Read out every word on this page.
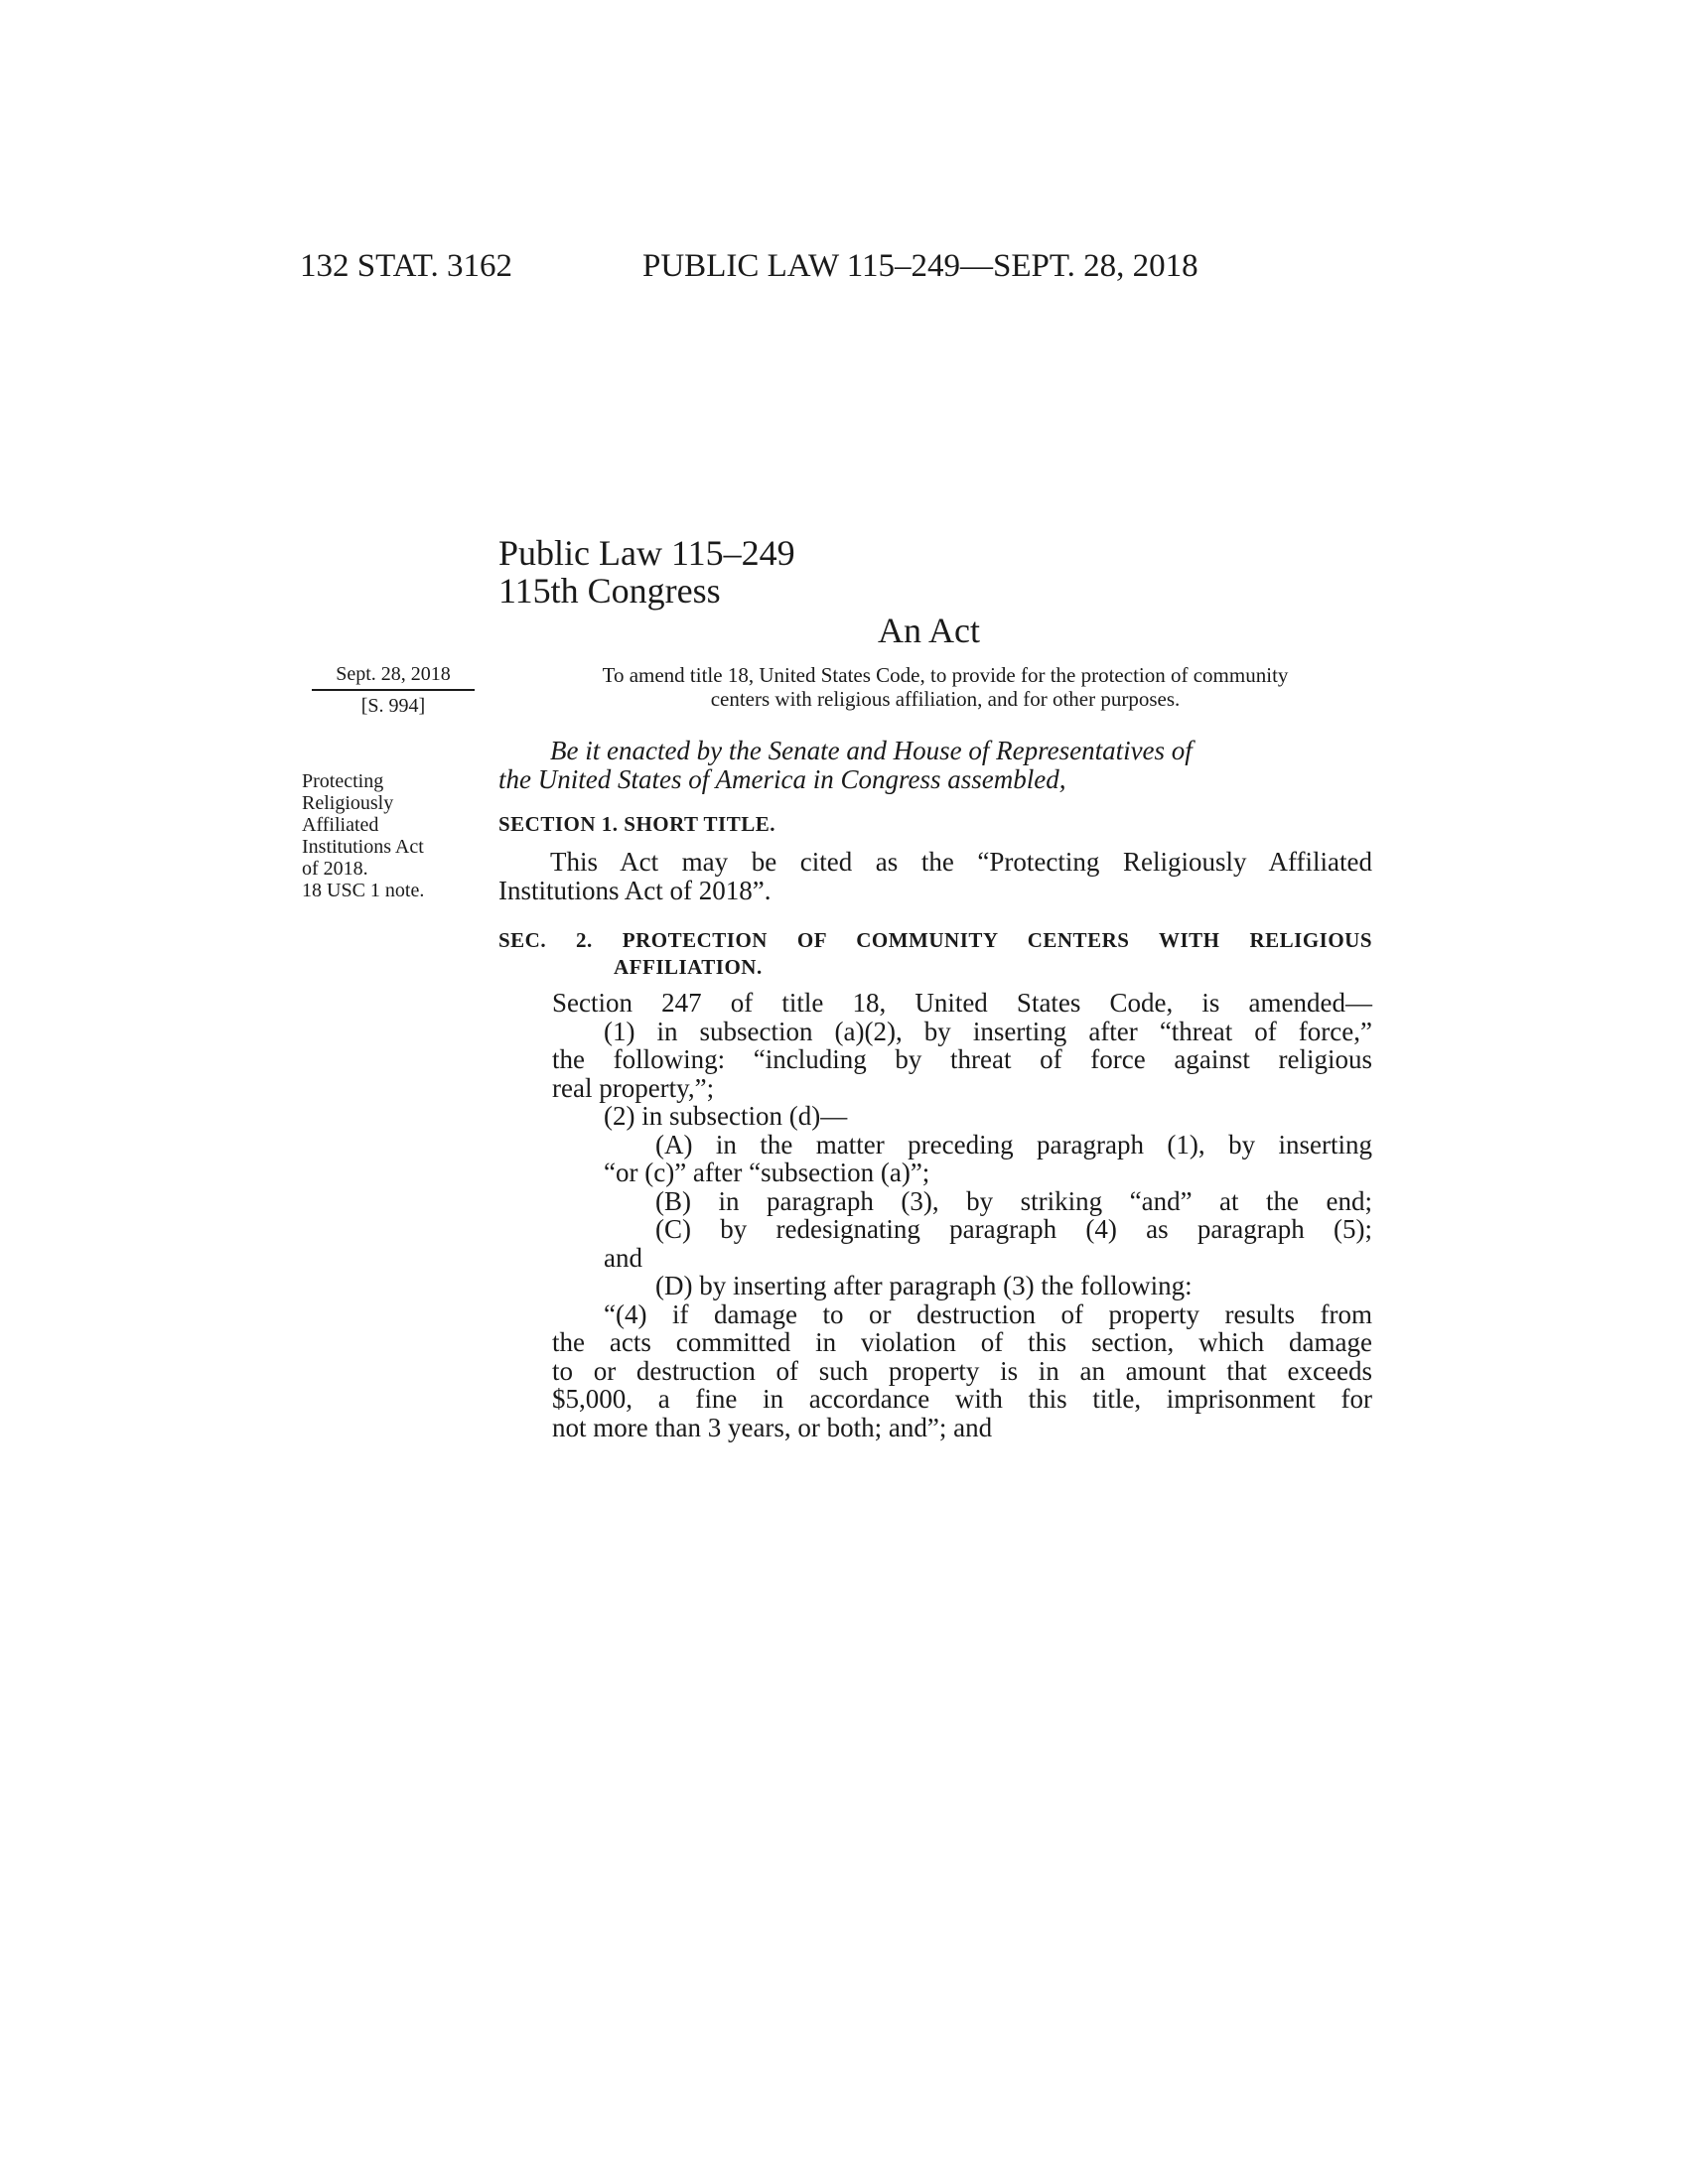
132 STAT. 3162	PUBLIC LAW 115–249—SEPT. 28, 2018
Public Law 115–249
115th Congress
An Act
Sept. 28, 2018
[S. 994]
Protecting
Religiously
Affiliated
Institutions Act
of 2018.
18 USC 1 note.
To amend title 18, United States Code, to provide for the protection of community
centers with religious affiliation, and for other purposes.
Be it enacted by the Senate and House of Representatives of
the United States of America in Congress assembled,
SECTION 1. SHORT TITLE.

This Act may be cited as the “Protecting Religiously Affiliated

Institutions Act of 2018”.

SEC. 2. PROTECTION OF COMMUNITY CENTERS WITH RELIGIOUS
AFFILIATION.

Section 247 of title 18, United States Code, is amended—

(1) in subsection (a)(2), by inserting after “threat of force,”

the following: “including by threat of force against religious

real property,”;

(2) in subsection (d)—

(A) in the matter preceding paragraph (1), by inserting

“or (c)” after “subsection (a)”;

(B) in paragraph (3), by striking “and” at the end;

(C) by redesignating paragraph (4) as paragraph (5);

and

(D) by inserting after paragraph (3) the following:

“(4) if damage to or destruction of property results from

the acts committed in violation of this section, which damage

to or destruction of such property is in an amount that exceeds

$5,000, a fine in accordance with this title, imprisonment for

not more than 3 years, or both; and”; and
